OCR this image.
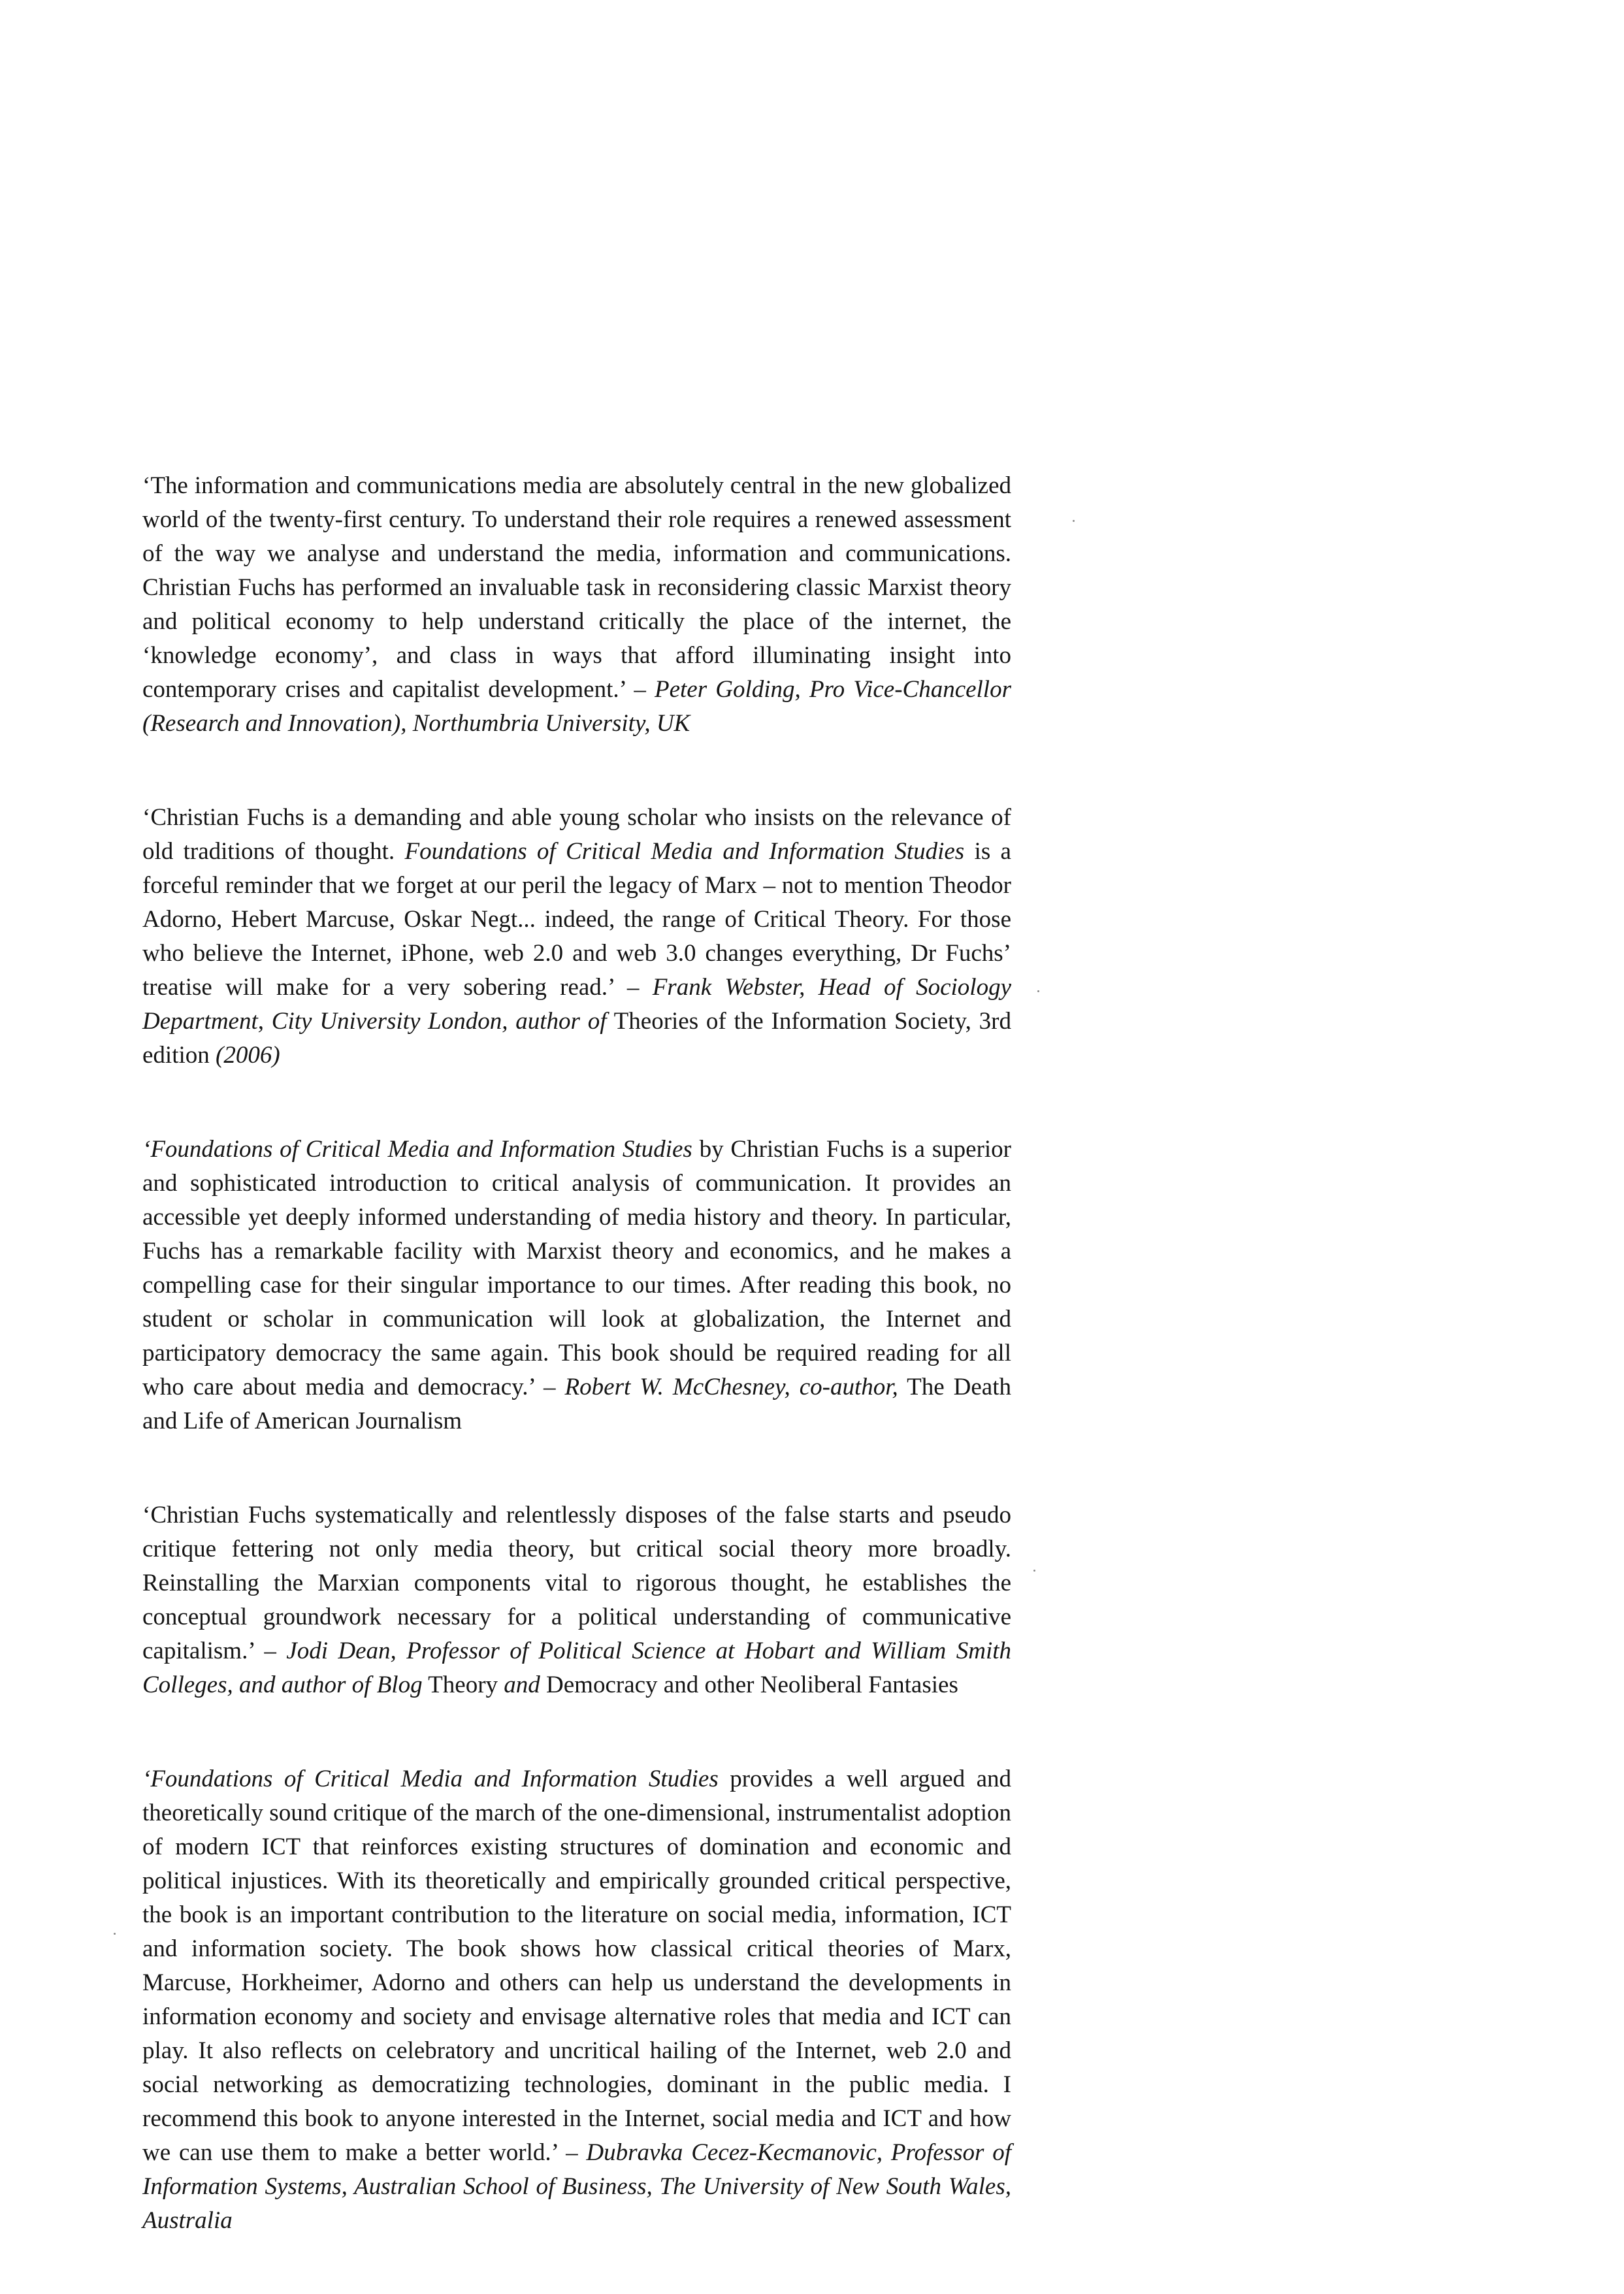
‘The information and communications media are absolutely central in the new globalized world of the twenty-first century. To understand their role requires a renewed assessment of the way we analyse and understand the media, information and communications. Christian Fuchs has performed an invaluable task in reconsidering classic Marxist theory and political economy to help understand critically the place of the internet, the ‘knowledge economy’, and class in ways that afford illuminating insight into contemporary crises and capitalist development.’ – Peter Golding, Pro Vice-Chancellor (Research and Innovation), Northumbria University, UK

‘Christian Fuchs is a demanding and able young scholar who insists on the relevance of old traditions of thought. Foundations of Critical Media and Information Studies is a forceful reminder that we forget at our peril the legacy of Marx – not to mention Theodor Adorno, Hebert Marcuse, Oskar Negt... indeed, the range of Critical Theory. For those who believe the Internet, iPhone, web 2.0 and web 3.0 changes everything, Dr Fuchs’ treatise will make for a very sobering read.’ – Frank Webster, Head of Sociology Department, City University London, author of Theories of the Information Society, 3rd edition (2006)

‘Foundations of Critical Media and Information Studies by Christian Fuchs is a superior and sophisticated introduction to critical analysis of communication. It provides an accessible yet deeply informed understanding of media history and theory. In particular, Fuchs has a remarkable facility with Marxist theory and economics, and he makes a compelling case for their singular importance to our times. After reading this book, no student or scholar in communication will look at globalization, the Internet and participatory democracy the same again. This book should be required reading for all who care about media and democracy.’ – Robert W. McChesney, co-author, The Death and Life of American Journalism

‘Christian Fuchs systematically and relentlessly disposes of the false starts and pseudo critique fettering not only media theory, but critical social theory more broadly. Reinstalling the Marxian components vital to rigorous thought, he establishes the conceptual groundwork necessary for a political understanding of communicative capitalism.’ – Jodi Dean, Professor of Political Science at Hobart and William Smith Colleges, and author of Blog Theory and Democracy and other Neoliberal Fantasies

‘Foundations of Critical Media and Information Studies provides a well argued and theoretically sound critique of the march of the one-dimensional, instrumentalist adoption of modern ICT that reinforces existing structures of domination and economic and political injustices. With its theoretically and empirically grounded critical perspective, the book is an important contribution to the literature on social media, information, ICT and information society. The book shows how classical critical theories of Marx, Marcuse, Horkheimer, Adorno and others can help us understand the developments in information economy and society and envisage alternative roles that media and ICT can play. It also reflects on celebratory and uncritical hailing of the Internet, web 2.0 and social networking as democratizing technologies, dominant in the public media. I recommend this book to anyone interested in the Internet, social media and ICT and how we can use them to make a better world.’ – Dubravka Cecez-Kecmanovic, Professor of Information Systems, Australian School of Business, The University of New South Wales, Australia
